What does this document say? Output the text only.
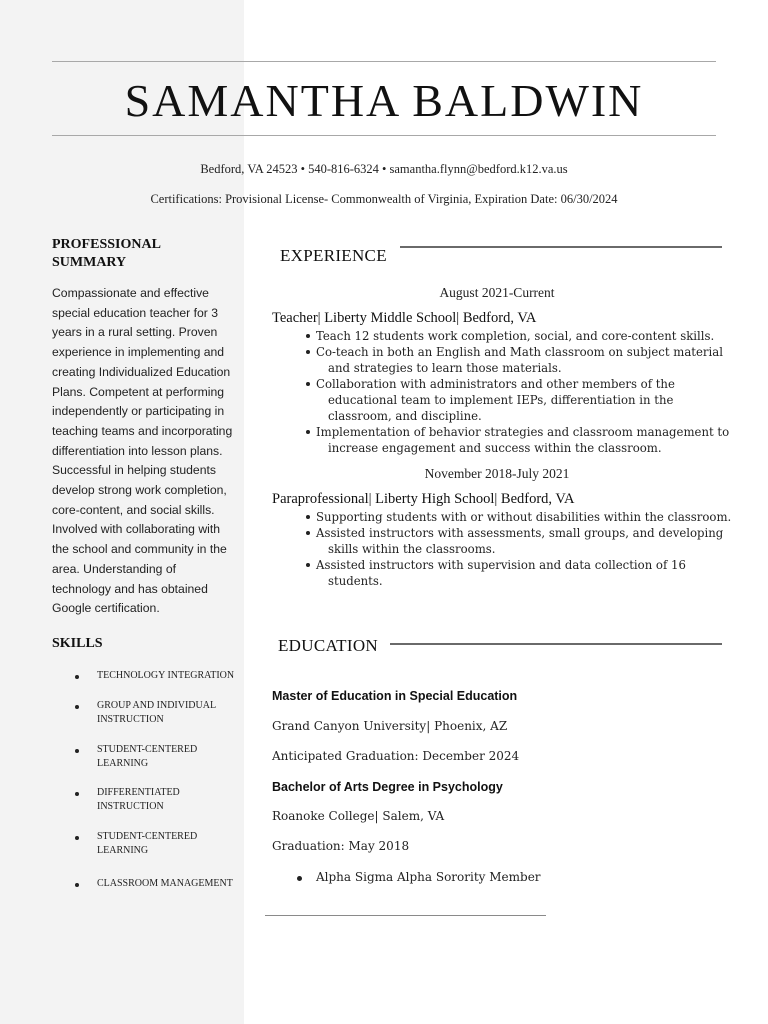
SAMANTHA BALDWIN
Bedford, VA 24523 • 540-816-6324 • samantha.flynn@bedford.k12.va.us
Certifications: Provisional License- Commonwealth of Virginia, Expiration Date: 06/30/2024
PROFESSIONAL
SUMMARY
Compassionate and effective
special education teacher for 3
years in a rural setting. Proven
experience in implementing and
creating Individualized Education
Plans. Competent at performing
independently or participating in
teaching teams and incorporating
differentiation into lesson plans.
Successful in helping students
develop strong work completion,
core-content, and social skills.
Involved with collaborating with
the school and community in the
area. Understanding of
technology and has obtained
Google certification.
SKILLS
TECHNOLOGY INTEGRATION
GROUP AND INDIVIDUAL
INSTRUCTION
STUDENT-CENTERED
LEARNING
DIFFERENTIATED
INSTRUCTION
STUDENT-CENTERED
LEARNING
CLASSROOM MANAGEMENT
EXPERIENCE
August 2021-Current
Teacher| Liberty Middle School| Bedford, VA
Teach 12 students work completion, social, and core-content skills.
Co-teach in both an English and Math classroom on subject material
and strategies to learn those materials.
Collaboration with administrators and other members of the
educational team to implement IEPs, differentiation in the
classroom, and discipline.
Implementation of behavior strategies and classroom management to
increase engagement and success within the classroom.
November 2018-July 2021
Paraprofessional| Liberty High School| Bedford, VA
Supporting students with or without disabilities within the classroom.
Assisted instructors with assessments, small groups, and developing
skills within the classrooms.
Assisted instructors with supervision and data collection of 16
students.
EDUCATION
Master of Education in Special Education
Grand Canyon University| Phoenix, AZ
Anticipated Graduation: December 2024
Bachelor of Arts Degree in Psychology
Roanoke College| Salem, VA
Graduation: May 2018
Alpha Sigma Alpha Sorority Member
